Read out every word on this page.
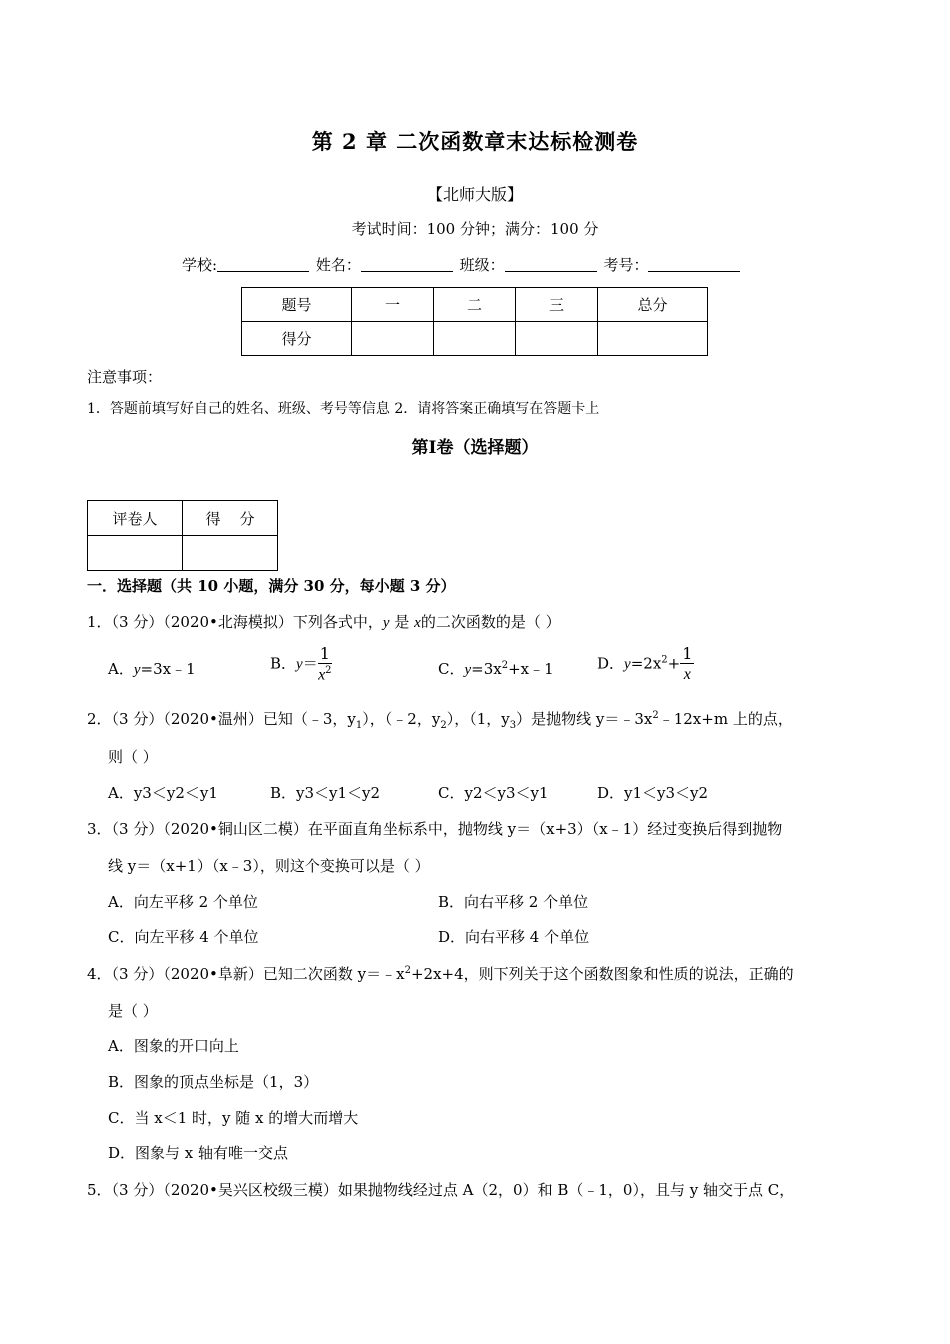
第 2 章 二次函数章末达标检测卷
【北师大版】
考试时间：100 分钟；满分：100 分
学校:	姓名：	班级：	考号：
题号	一	二	三	总分
得分				
注意事项：
1．答题前填写好自己的姓名、班级、考号等信息 2．请将答案正确填写在答题卡上
第Ⅰ卷（选择题）
评卷人	得    分

一．选择题（共 10 小题，满分 30 分，每小题 3 分）
1．（3 分）（2020•北海模拟）下列各式中，y 是 x的二次函数的是（ ）
A．y=3x﹣1	B．$y= \frac{1}{x^2}$	C．$y=3x^2+x﹣1$	D．$y=2x^2+ \frac{1}{x}$
2．（3 分）（2020•温州）已知（﹣3，$y_1$），（﹣2，$y_2$），（1，$y_3$）是抛物线 $y=﹣3x^2﹣12x+m$ 上的点，
则（ ）
A．y3＜y2＜y1	B．y3＜y1＜y2	C．y2＜y3＜y1	D．y1＜y3＜y2
3．（3 分）（2020•铜山区二模）在平面直角坐标系中，抛物线 y＝（x+3）（x﹣1）经过变换后得到抛物
线 y＝（x+1）（x﹣3），则这个变换可以是（ ）
A．向左平移 2 个单位	B．向右平移 2 个单位
C．向左平移 4 个单位	D．向右平移 4 个单位
4．（3 分）（2020•阜新）已知二次函数 $y=﹣x^2+2x+4$，则下列关于这个函数图象和性质的说法，正确的
是（ ）
A．图象的开口向上
B．图象的顶点坐标是（1，3）
C．当 x＜1 时，y 随 x 的增大而增大
D．图象与 x 轴有唯一交点
5．（3 分）（2020•吴兴区校级三模）如果抛物线经过点 A（2，0）和 B（﹣1，0），且与 y 轴交于点 C，
